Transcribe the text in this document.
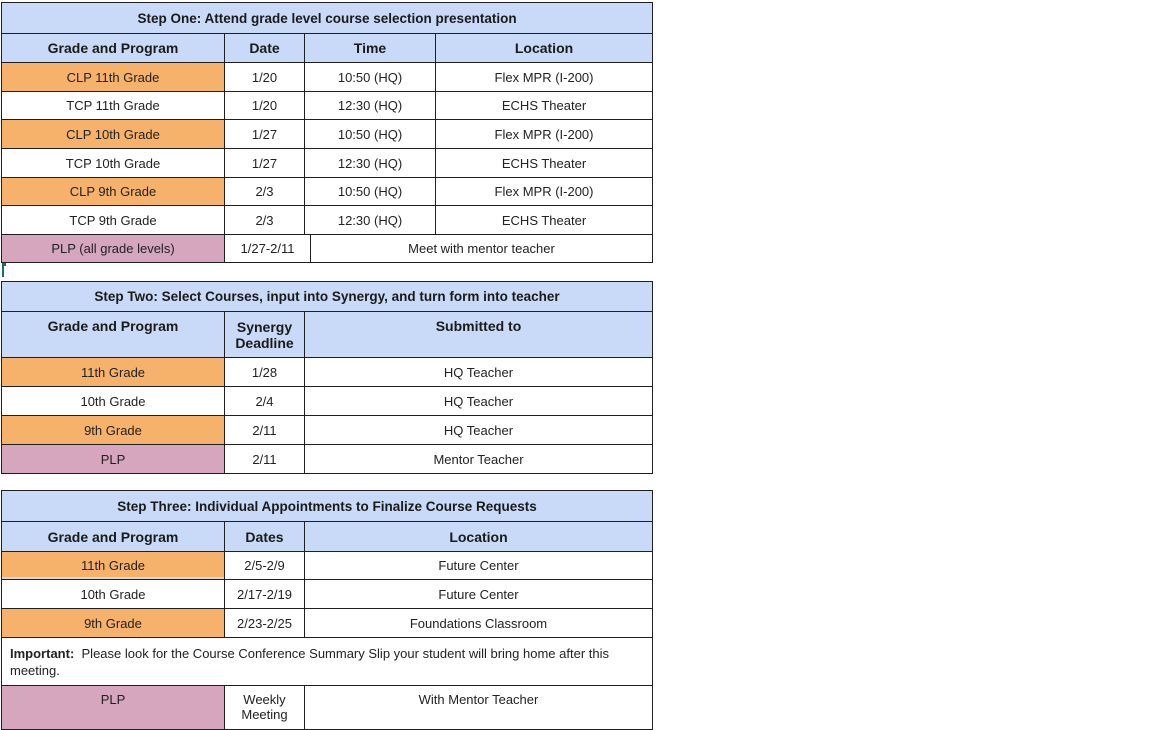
Step One: Attend grade level course selection presentation			
Grade and Program	Date	Time	Location
CLP 11th Grade	1/20	10:50 (HQ)	Flex MPR (I-200)
TCP 11th Grade	1/20	12:30 (HQ)	ECHS Theater
CLP 10th Grade	1/27	10:50 (HQ)	Flex MPR (I-200)
TCP 10th Grade	1/27	12:30 (HQ)	ECHS Theater
CLP 9th Grade	2/3	10:50 (HQ)	Flex MPR (I-200)
TCP 9th Grade	2/3	12:30 (HQ)	ECHS Theater
PLP (all grade levels)	1/27-2/11	Meet with mentor teacher
Step Two: Select Courses, input into Synergy, and turn form into teacher		
Grade and Program	Synergy Deadline	Submitted to
11th Grade	1/28	HQ Teacher
10th Grade	2/4	HQ Teacher
9th Grade	2/11	HQ Teacher
PLP	2/11	Mentor Teacher
Step Three: Individual Appointments to Finalize Course Requests		
Grade and Program	Dates	Location
11th Grade	2/5-2/9	Future Center
10th Grade	2/17-2/19	Future Center
9th Grade	2/23-2/25	Foundations Classroom
Important: Please look for the Course Conference Summary Slip your student will bring home after this meeting.		
PLP	Weekly Meeting	With Mentor Teacher
